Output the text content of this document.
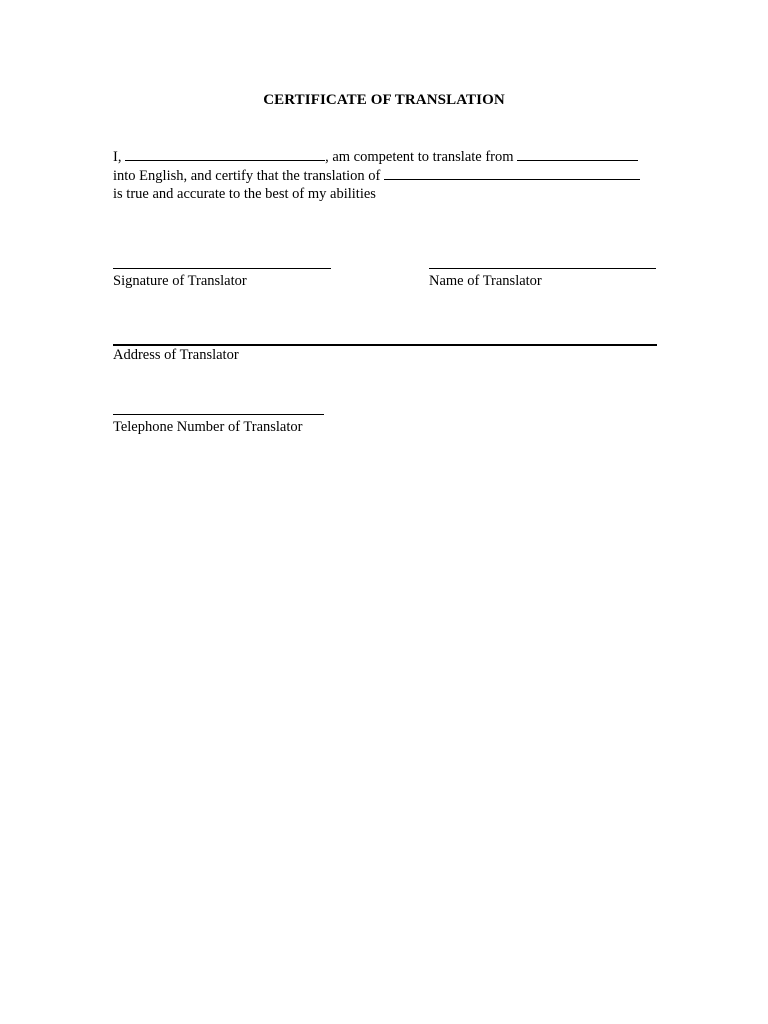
CERTIFICATE OF TRANSLATION
I,	, am competent to translate from
into English, and certify that the translation of
is true and accurate to the best of my abilities
Signature of Translator	Name of Translator
Address of Translator
Telephone Number of Translator
